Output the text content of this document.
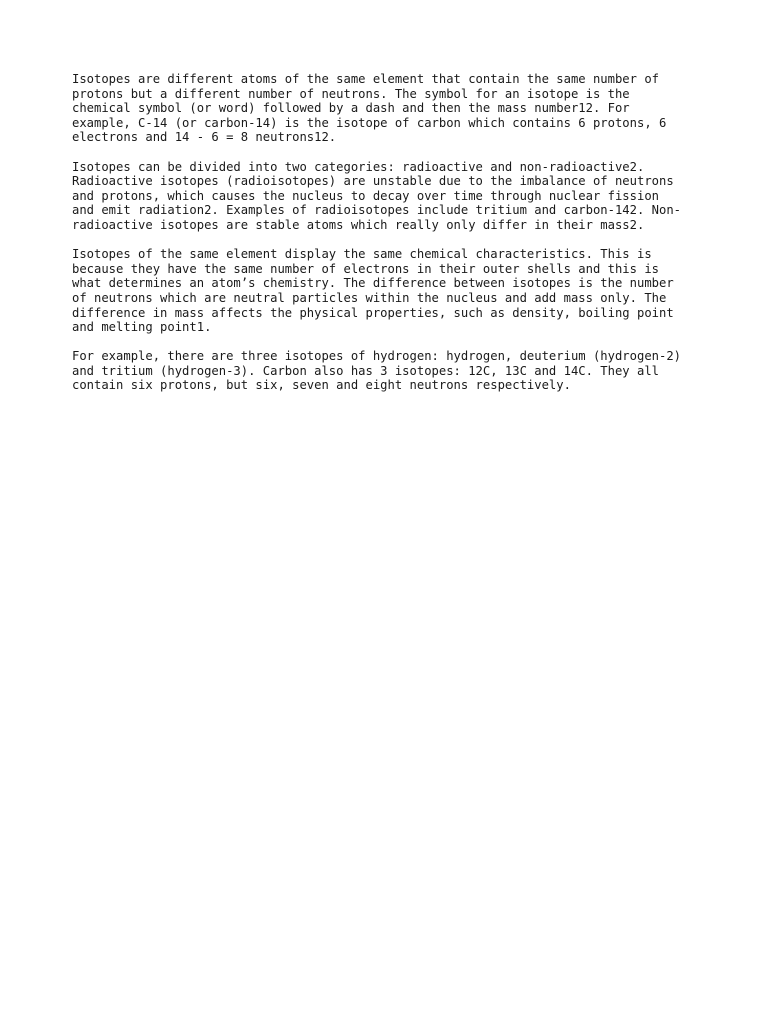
Isotopes are different atoms of the same element that contain the same number of
protons but a different number of neutrons. The symbol for an isotope is the
chemical symbol (or word) followed by a dash and then the mass number12. For
example, C-14 (or carbon-14) is the isotope of carbon which contains 6 protons, 6
electrons and 14 - 6 = 8 neutrons12.

Isotopes can be divided into two categories: radioactive and non-radioactive2.
Radioactive isotopes (radioisotopes) are unstable due to the imbalance of neutrons
and protons, which causes the nucleus to decay over time through nuclear fission
and emit radiation2. Examples of radioisotopes include tritium and carbon-142. Non-
radioactive isotopes are stable atoms which really only differ in their mass2.

Isotopes of the same element display the same chemical characteristics. This is
because they have the same number of electrons in their outer shells and this is
what determines an atom’s chemistry. The difference between isotopes is the number
of neutrons which are neutral particles within the nucleus and add mass only. The
difference in mass affects the physical properties, such as density, boiling point
and melting point1.

For example, there are three isotopes of hydrogen: hydrogen, deuterium (hydrogen-2)
and tritium (hydrogen-3). Carbon also has 3 isotopes: 12C, 13C and 14C. They all
contain six protons, but six, seven and eight neutrons respectively.
